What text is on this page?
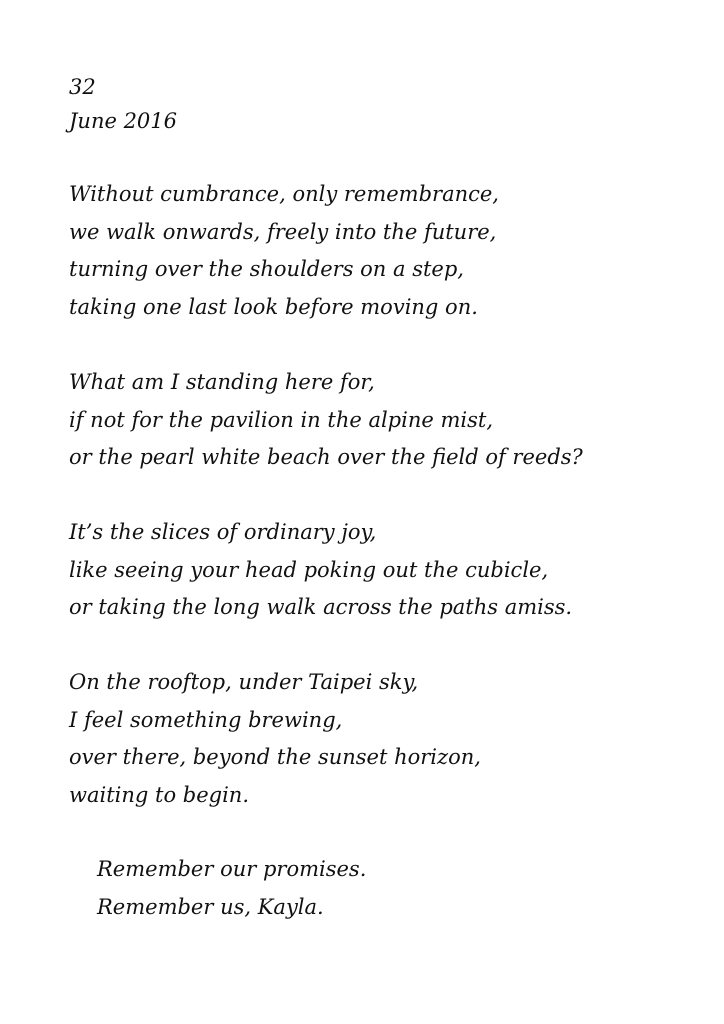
32
June 2016
Without cumbrance, only remembrance,
we walk onwards, freely into the future,
turning over the shoulders on a step,
taking one last look before moving on.
What am I standing here for,
if not for the pavilion in the alpine mist,
or the pearl white beach over the field of reeds?
It’s the slices of ordinary joy,
like seeing your head poking out the cubicle,
or taking the long walk across the paths amiss.
On the rooftop, under Taipei sky,
I feel something brewing,
over there, beyond the sunset horizon,
waiting to begin.
Remember our promises.
Remember us, Kayla.
